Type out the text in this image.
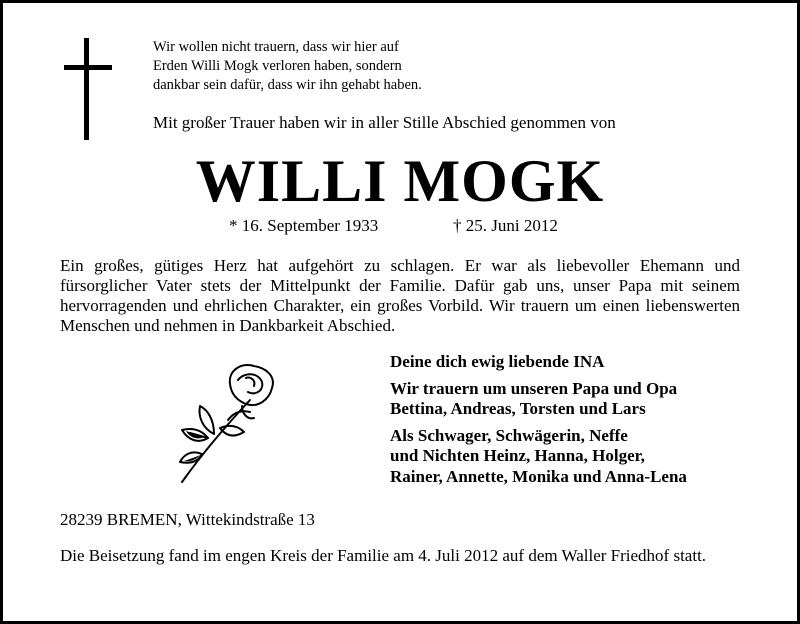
Wir wollen nicht trauern, dass wir hier auf
Erden Willi Mogk verloren haben, sondern
dankbar sein dafür, dass wir ihn gehabt haben.
Mit großer Trauer haben wir in aller Stille Abschied genommen von
WILLI MOGK
* 16. September 1933	† 25. Juni 2012
Ein großes, gütiges Herz hat aufgehört zu schlagen. Er war als liebevoller Ehemann und fürsorglicher Vater stets der Mittelpunkt der Familie. Dafür gab uns, unser Papa mit seinem hervorragenden und ehrlichen Charakter, ein großes Vorbild. Wir trauern um einen liebenswerten Menschen und nehmen in Dankbarkeit Abschied.
Deine dich ewig liebende INA
Wir trauern um unseren Papa und Opa
Bettina, Andreas, Torsten und Lars
Als Schwager, Schwägerin, Neffe
und Nichten Heinz, Hanna, Holger,
Rainer, Annette, Monika und Anna-Lena
28239 BREMEN, Wittekindstraße 13
Die Beisetzung fand im engen Kreis der Familie am 4. Juli 2012 auf dem Waller Friedhof statt.
